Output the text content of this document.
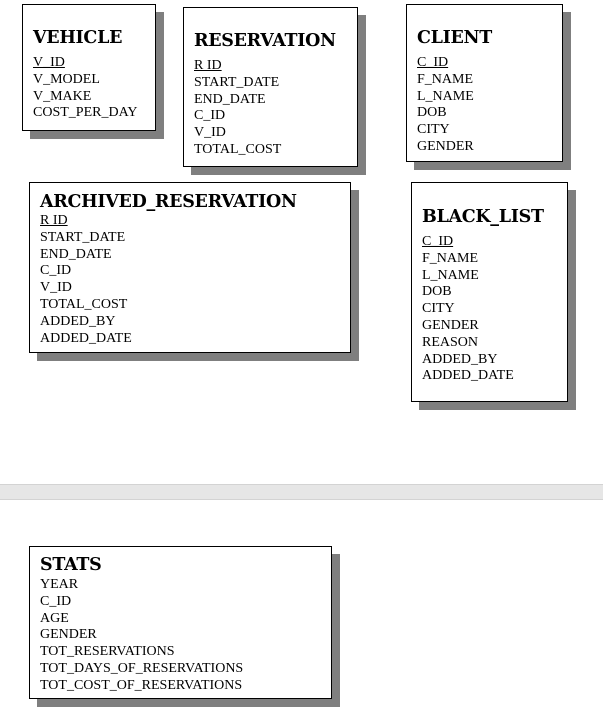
VEHICLE
V_ID
V_MODEL
V_MAKE
COST_PER_DAY
RESERVATION
R ID
START_DATE
END_DATE
C_ID
V_ID
TOTAL_COST
CLIENT
C_ID
F_NAME
L_NAME
DOB
CITY
GENDER
ARCHIVED_RESERVATION
R ID
START_DATE
END_DATE
C_ID
V_ID
TOTAL_COST
ADDED_BY
ADDED_DATE
BLACK_LIST
C_ID
F_NAME
L_NAME
DOB
CITY
GENDER
REASON
ADDED_BY
ADDED_DATE
STATS
YEAR
C_ID
AGE
GENDER
TOT_RESERVATIONS
TOT_DAYS_OF_RESERVATIONS
TOT_COST_OF_RESERVATIONS
